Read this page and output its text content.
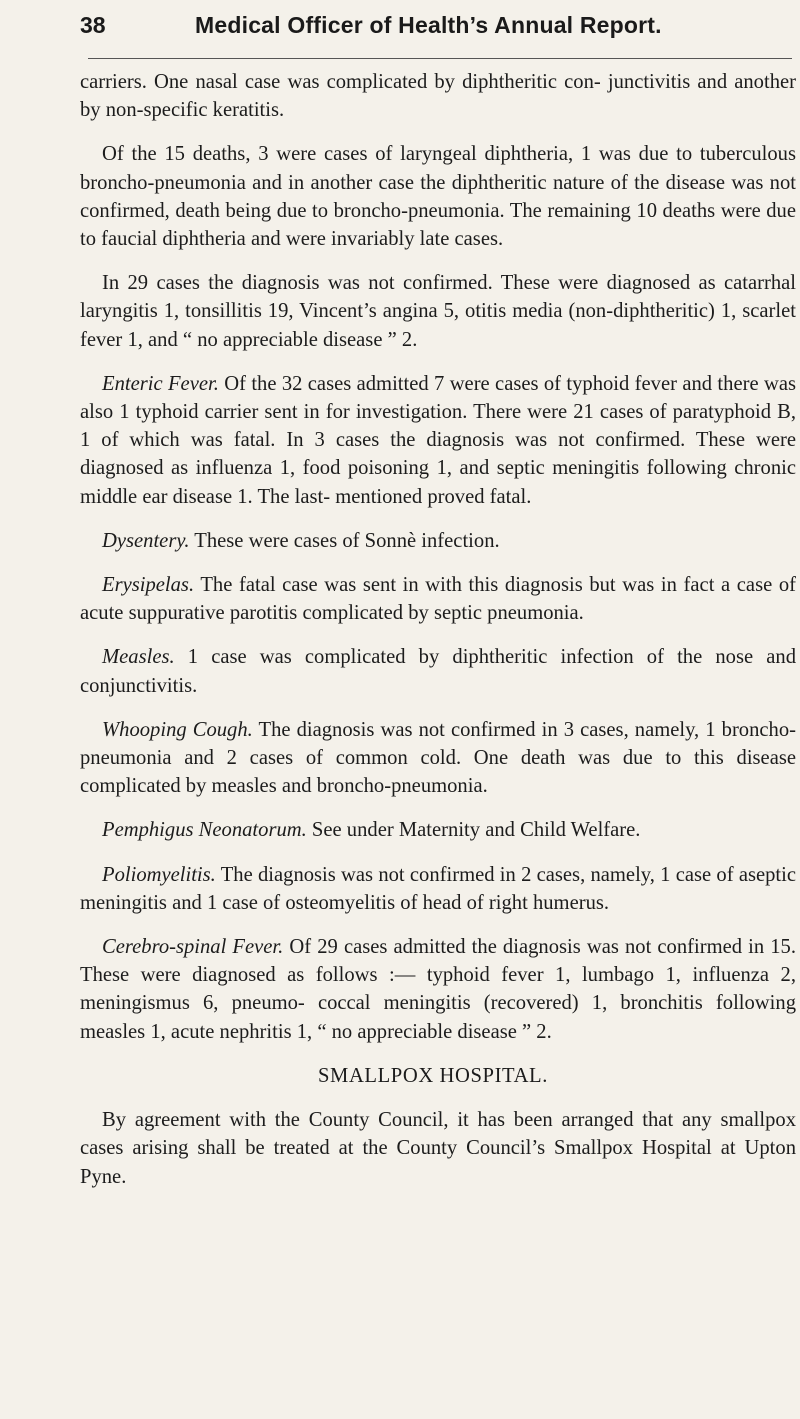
38	Medical Officer of Health’s Annual Report.

carriers. One nasal case was complicated by diphtheritic con- junctivitis and another by non-specific keratitis.

Of the 15 deaths, 3 were cases of laryngeal diphtheria, 1 was due to tuberculous broncho-pneumonia and in another case the diphtheritic nature of the disease was not confirmed, death being due to broncho-pneumonia. The remaining 10 deaths were due to faucial diphtheria and were invariably late cases.

In 29 cases the diagnosis was not confirmed. These were diagnosed as catarrhal laryngitis 1, tonsillitis 19, Vincent’s angina 5, otitis media (non-diphtheritic) 1, scarlet fever 1, and “ no appreciable disease ” 2.

Enteric Fever. Of the 32 cases admitted 7 were cases of typhoid fever and there was also 1 typhoid carrier sent in for investigation. There were 21 cases of paratyphoid B, 1 of which was fatal. In 3 cases the diagnosis was not confirmed. These were diagnosed as influenza 1, food poisoning 1, and septic meningitis following chronic middle ear disease 1. The last- mentioned proved fatal.

Dysentery. These were cases of Sonnè infection.

Erysipelas. The fatal case was sent in with this diagnosis but was in fact a case of acute suppurative parotitis complicated by septic pneumonia.

Measles. 1 case was complicated by diphtheritic infection of the nose and conjunctivitis.

Whooping Cough. The diagnosis was not confirmed in 3 cases, namely, 1 broncho-pneumonia and 2 cases of common cold. One death was due to this disease complicated by measles and broncho-pneumonia.

Pemphigus Neonatorum. See under Maternity and Child Welfare.

Poliomyelitis. The diagnosis was not confirmed in 2 cases, namely, 1 case of aseptic meningitis and 1 case of osteomyelitis of head of right humerus.

Cerebro-spinal Fever. Of 29 cases admitted the diagnosis was not confirmed in 15. These were diagnosed as follows :— typhoid fever 1, lumbago 1, influenza 2, meningismus 6, pneumo- coccal meningitis (recovered) 1, bronchitis following measles 1, acute nephritis 1, “ no appreciable disease ” 2.

SMALLPOX HOSPITAL.

By agreement with the County Council, it has been arranged that any smallpox cases arising shall be treated at the County Council’s Smallpox Hospital at Upton Pyne.
